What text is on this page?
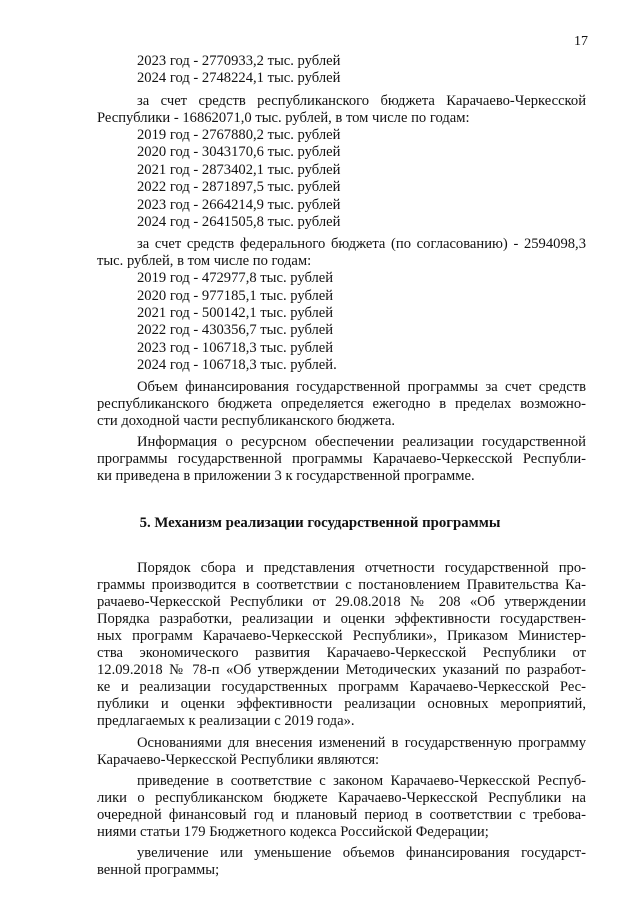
17
2023 год - 2770933,2 тыс. рублей
2024 год - 2748224,1 тыс. рублей
за счет средств республиканского бюджета Карачаево-Черкесской
Республики - 16862071,0 тыс. рублей, в том числе по годам:
2019 год - 2767880,2 тыс. рублей
2020 год - 3043170,6 тыс. рублей
2021 год - 2873402,1 тыс. рублей
2022 год - 2871897,5 тыс. рублей
2023 год - 2664214,9 тыс. рублей
2024 год - 2641505,8 тыс. рублей
за счет средств федерального бюджета (по согласованию) - 2594098,3
тыс. рублей, в том числе по годам:
2019 год - 472977,8 тыс. рублей
2020 год - 977185,1 тыс. рублей
2021 год - 500142,1 тыс. рублей
2022 год - 430356,7 тыс. рублей
2023 год - 106718,3 тыс. рублей
2024 год - 106718,3 тыс. рублей.
Объем финансирования государственной программы за счет средств
республиканского бюджета определяется ежегодно в пределах возможно-
сти доходной части республиканского бюджета.
Информация о ресурсном обеспечении реализации государственной
программы государственной программы Карачаево-Черкесской Республи-
ки приведена в приложении 3 к государственной программе.
5. Механизм реализации государственной программы
Порядок сбора и представления отчетности государственной про-
граммы производится в соответствии с постановлением Правительства Ка-
рачаево-Черкесской Республики от 29.08.2018 № 208 «Об утверждении
Порядка разработки, реализации и оценки эффективности государствен-
ных программ Карачаево-Черкесской Республики», Приказом Министер-
ства экономического развития Карачаево-Черкесской Республики от
12.09.2018 № 78-п «Об утверждении Методических указаний по разработ-
ке и реализации государственных программ Карачаево-Черкесской Рес-
публики и оценки эффективности реализации основных мероприятий,
предлагаемых к реализации с 2019 года».
Основаниями для внесения изменений в государственную программу
Карачаево-Черкесской Республики являются:
приведение в соответствие с законом Карачаево-Черкесской Респуб-
лики о республиканском бюджете Карачаево-Черкесской Республики на
очередной финансовый год и плановый период в соответствии с требова-
ниями статьи 179 Бюджетного кодекса Российской Федерации;
увеличение или уменьшение объемов финансирования государст-
венной программы;
